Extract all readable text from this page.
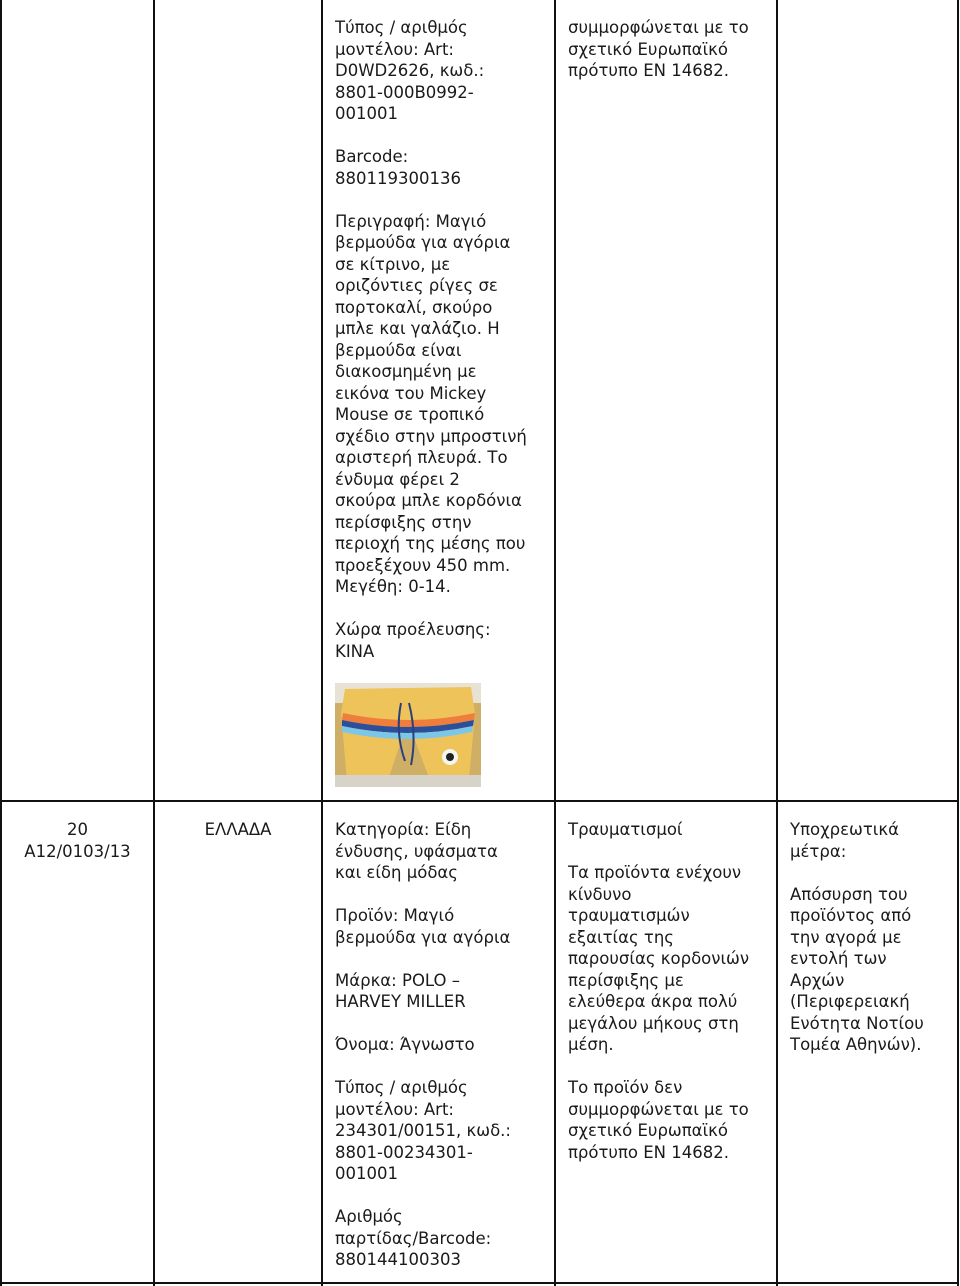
Τύπος / αριθμός
μοντέλου: Art:
D0WD2626, κωδ.:
8801-000B0992-
001001

Barcode:
880119300136

Περιγραφή: Μαγιό
βερμούδα για αγόρια
σε κίτρινο, με
οριζόντιες ρίγες σε
πορτοκαλί, σκούρο
μπλε και γαλάζιο. Η
βερμούδα είναι
διακοσμημένη με
εικόνα του Mickey
Mouse σε τροπικό
σχέδιο στην μπροστινή
αριστερή πλευρά. Το
ένδυμα φέρει 2
σκούρα μπλε κορδόνια
περίσφιξης στην
περιοχή της μέσης που
προεξέχουν 450 mm.
Μεγέθη: 0-14.

Χώρα προέλευσης:
ΚΙΝΑ

συμμορφώνεται με το
σχετικό Ευρωπαϊκό
πρότυπο ΕΝ 14682.

20
A12/0103/13

ΕΛΛΑΔΑ	Κατηγορία: Είδη
ένδυσης, υφάσματα
και είδη μόδας

Προϊόν: Μαγιό
βερμούδα για αγόρια

Μάρκα: POLO –
HARVEY MILLER

Όνομα: Άγνωστο

Τύπος / αριθμός
μοντέλου: Art:
234301/00151, κωδ.:
8801-00234301-
001001

Αριθμός
παρτίδας/Barcode:
880144100303

Τραυματισμοί

Τα προϊόντα ενέχουν
κίνδυνο
τραυματισμών
εξαιτίας της
παρουσίας κορδονιών
περίσφιξης με
ελεύθερα άκρα πολύ
μεγάλου μήκους στη
μέση.

Το προϊόν δεν
συμμορφώνεται με το
σχετικό Ευρωπαϊκό
πρότυπο ΕΝ 14682.

Υποχρεωτικά
μέτρα:

Απόσυρση του
προϊόντος από
την αγορά με
εντολή των
Αρχών
(Περιφερειακή
Ενότητα Νοτίου
Τομέα Αθηνών).
